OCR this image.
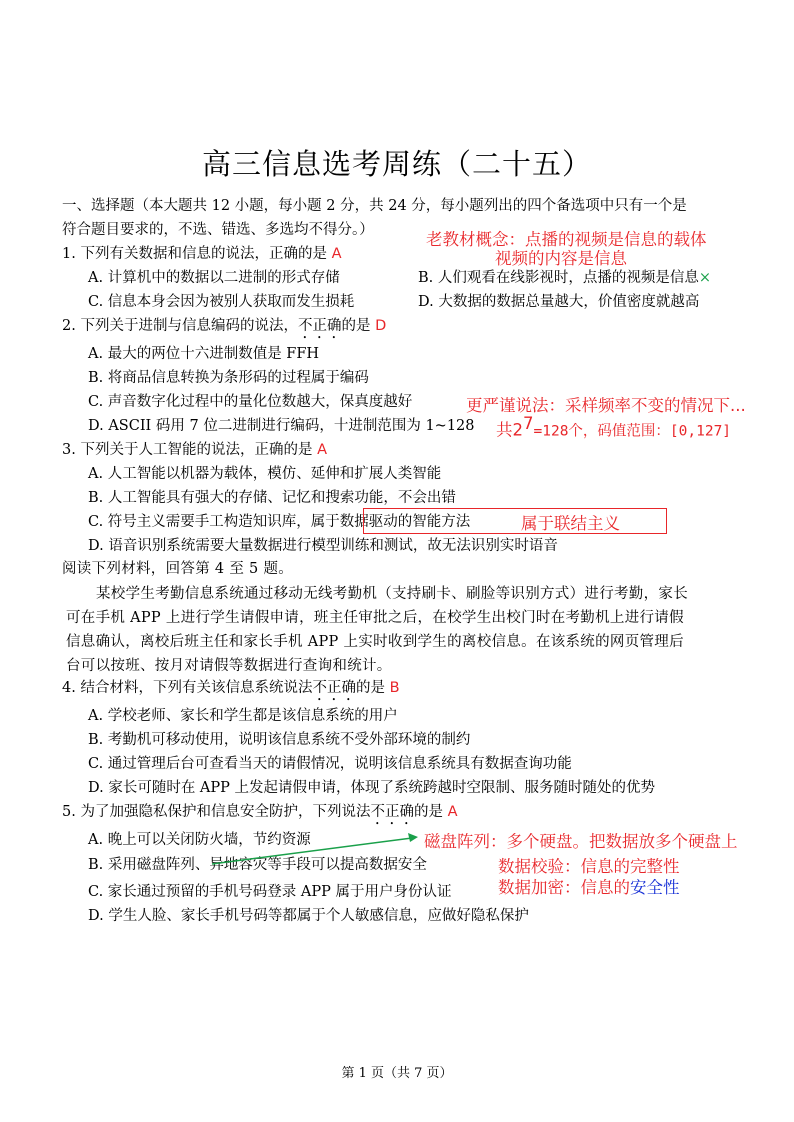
高三信息选考周练（二十五）
一、选择题（本大题共 12 小题，每小题 2 分，共 24 分，每小题列出的四个备选项中只有一个是
符合题目要求的，不选、错选、多选均不得分。）
1. 下列有关数据和信息的说法，正确的是 A
老教材概念：点播的视频是信息的载体
视频的内容是信息
A. 计算机中的数据以二进制的形式存储	B. 人们观看在线影视时，点播的视频是信息×
C. 信息本身会因为被别人获取而发生损耗	D. 大数据的数据总量越大，价值密度就越高
2. 下列关于进制与信息编码的说法，不正确的是 D
A. 最大的两位十六进制数值是 FFH
B. 将商品信息转换为条形码的过程属于编码
C. 声音数字化过程中的量化位数越大，保真度越好	更严谨说法：采样频率不变的情况下...
D. ASCII 码用 7 位二进制进行编码，十进制范围为 1~128 共$2^7=128$个，码值范围：[0,127]
3. 下列关于人工智能的说法，正确的是 A
A. 人工智能以机器为载体，模仿、延伸和扩展人类智能
B. 人工智能具有强大的存储、记忆和搜索功能，不会出错
C. 符号主义需要手工构造知识库，属于数据驱动的智能方法	属于联结主义
D. 语音识别系统需要大量数据进行模型训练和测试，故无法识别实时语音
阅读下列材料，回答第 4 至 5 题。
某校学生考勤信息系统通过移动无线考勤机（支持刷卡、刷脸等识别方式）进行考勤，家长
可在手机 APP 上进行学生请假申请，班主任审批之后，在校学生出校门时在考勤机上进行请假
信息确认，离校后班主任和家长手机 APP 上实时收到学生的离校信息。在该系统的网页管理后
台可以按班、按月对请假等数据进行查询和统计。
4. 结合材料，下列有关该信息系统说法不正确的是 B
A. 学校老师、家长和学生都是该信息系统的用户
B. 考勤机可移动使用，说明该信息系统不受外部环境的制约
C. 通过管理后台可查看当天的请假情况，说明该信息系统具有数据查询功能
D. 家长可随时在 APP 上发起请假申请，体现了系统跨越时空限制、服务随时随处的优势
5. 为了加强隐私保护和信息安全防护，下列说法不正确的是 A
A. 晚上可以关闭防火墙，节约资源	磁盘阵列：多个硬盘。把数据放多个硬盘上
B. 采用磁盘阵列、异地容灾等手段可以提高数据安全	数据校验：信息的完整性
数据加密：信息的安全性
C. 家长通过预留的手机号码登录 APP 属于用户身份认证
D. 学生人脸、家长手机号码等都属于个人敏感信息，应做好隐私保护
第 1 页（共 7 页）
